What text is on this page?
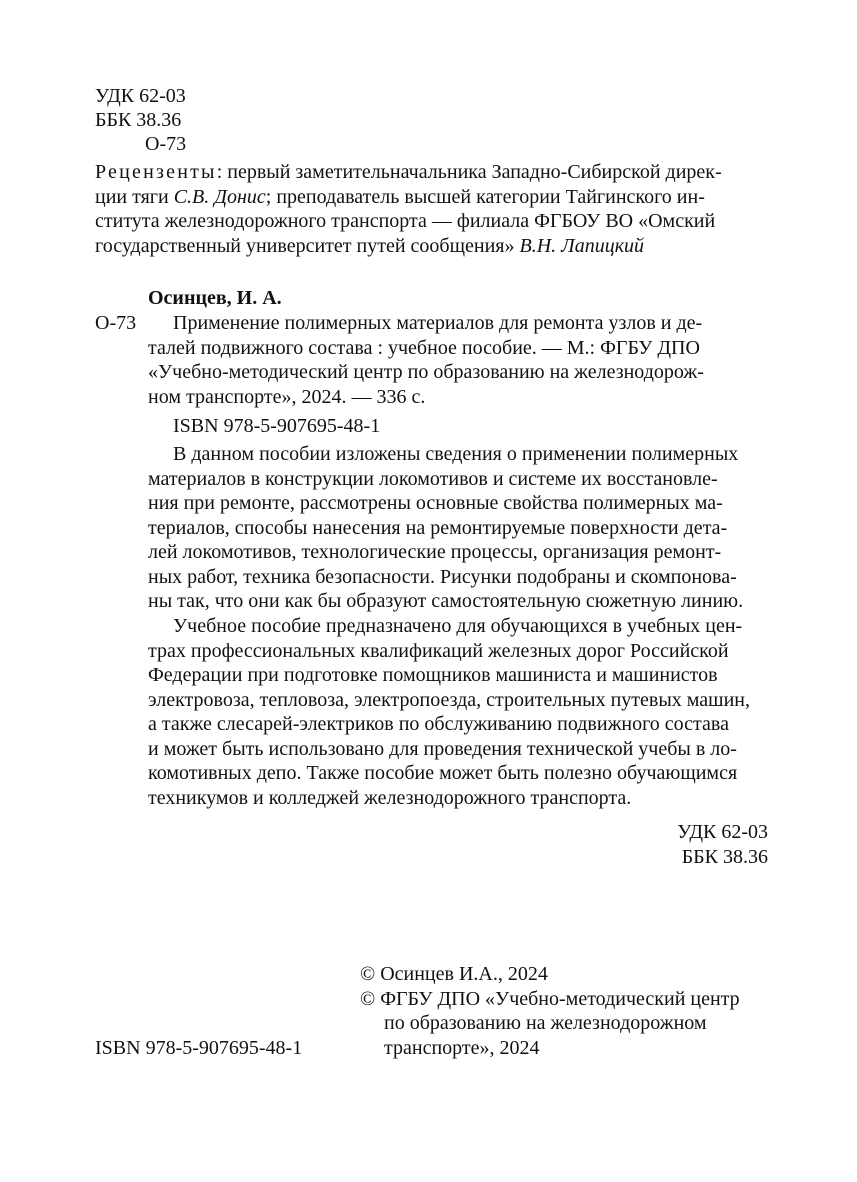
УДК 62-03
ББК 38.36
О-73
Рецензенты: первый заметительначальника Западно-Сибирской дирек-
ции тяги С.В. Донис; преподаватель высшей категории Тайгинского ин-
ститута железнодорожного транспорта — филиала ФГБОУ ВО «Омский
государственный университет путей сообщения» В.Н. Лапицкий
Осинцев, И. А.
О-73	Применение полимерных материалов для ремонта узлов и де-
талей подвижного состава : учебное пособие. — М.: ФГБУ ДПО
«Учебно-методический центр по образованию на железнодорож-
ном транспорте», 2024. — 336 с.
ISBN 978-5-907695-48-1
В данном пособии изложены сведения о применении полимерных
материалов в конструкции локомотивов и системе их восстановле-
ния при ремонте, рассмотрены основные свойства полимерных ма-
териалов, способы нанесения на ремонтируемые поверхности дета-
лей локомотивов, технологические процессы, организация ремонт-
ных работ, техника безопасности. Рисунки подобраны и скомпонова-
ны так, что они как бы образуют самостоятельную сюжетную линию.
Учебное пособие предназначено для обучающихся в учебных цен-
трах профессиональных квалификаций железных дорог Российской
Федерации при подготовке помощников машиниста и машинистов
электровоза, тепловоза, электропоезда, строительных путевых машин,
а также слесарей-электриков по обслуживанию подвижного состава
и может быть использовано для проведения технической учебы в ло-
комотивных депо. Также пособие может быть полезно обучающимся
техникумов и колледжей железнодорожного транспорта.
УДК 62-03
ББК 38.36
ISBN 978-5-907695-48-1
© Осинцев И.А., 2024
© ФГБУ ДПО «Учебно-методический центр
по образованию на железнодорожном
транспорте», 2024
